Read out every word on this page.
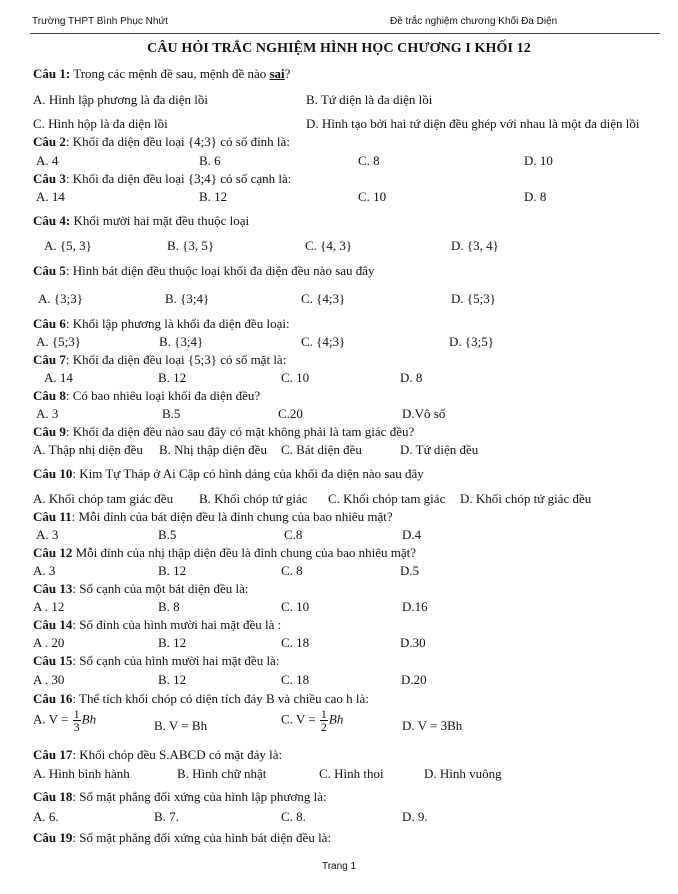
Trường THPT Bình Phục Nhứt	Đề trắc nghiệm chương Khối Đa Diện
CÂU HỎI TRẮC NGHIỆM HÌNH HỌC CHƯƠNG I KHỐI 12
Câu 1: Trong các mệnh đề sau, mệnh đề nào sai?
A. Hình lập phương là đa diện lồi	B. Tứ diện là đa diện lồi
C. Hình hộp là đa diện lồi	D. Hình tạo bởi hai tứ diện đều ghép với nhau là một đa diện lồi
Câu 2: Khối đa diện đều loại {4;3} có số đỉnh là:
A. 4	B. 6	C. 8	D. 10
Câu 3: Khối đa diện đều loại {3;4} có số cạnh là:
A. 14	B. 12	C. 10	D. 8
Câu 4: Khối mười hai mặt đều thuộc loại
A. {5, 3}	B. {3, 5}	C. {4, 3}	D. {3, 4}
Câu 5: Hình bát diện đều thuộc loại khối đa diện đều nào sau đây
A. {3;3}	B. {3;4}	C. {4;3}	D. {5;3}
Câu 6: Khối lập phương là khối đa diện đều loại:
A. {5;3}	B. {3;4}	C. {4;3}	D. {3;5}
Câu 7: Khối đa diện đều loại {5;3} có số mặt là:
A. 14	B. 12	C. 10	D. 8
Câu 8: Có bao nhiêu loại khối đa diện đều?
A. 3	B.5	C.20	D.Vô số
Câu 9: Khối đa diện đều nào sau đây có mặt không phải là tam giác đều?
A. Thập nhị diện đều B. Nhị thập diện đều C. Bát diện đều	D. Tứ diện đều
Câu 10: Kim Tự Tháp ở Ai Cập có hình dáng của khối đa diện nào sau đây
A. Khối chóp tam giác đều B. Khối chóp tứ giác C. Khối chóp tam giác D. Khối chóp tứ giác đều
Câu 11: Mỗi đỉnh của bát diện đều là đỉnh chung của bao nhiêu mặt?
A. 3	B.5	C.8	D.4
Câu 12 Mỗi đỉnh của nhị thập diện đều là đỉnh chung của bao nhiêu mặt?
A. 3	B. 12	C. 8	D.5
Câu 13: Số cạnh của một bát diện đều là:
A . 12	B. 8	C. 10	D.16
Câu 14: Số đỉnh của hình mười hai mặt đều là :
A . 20	B. 12	C. 18	D.30
Câu 15: Số cạnh của hình mười hai mặt đều là:
A . 30	B. 12	C. 18	D.20
Câu 16: Thể tích khối chóp có diện tích đáy B và chiều cao h là:
A. $V = \frac{1}{3}$ Bh	B. V = Bh	C. $V = \frac{1}{2}$ Bh	D. V = 3Bh
Câu 17: Khối chóp đều S.ABCD có mặt đáy là:
A. Hình bình hành	B. Hình chữ nhật	C. Hình thoi	D. Hình vuông
Câu 18: Số mặt phẳng đối xứng của hình lập phương là:
A. 6.	B. 7.	C. 8.	D. 9.
Câu 19: Số mặt phẳng đối xứng của hình bát diện đều là:
Trang 1
